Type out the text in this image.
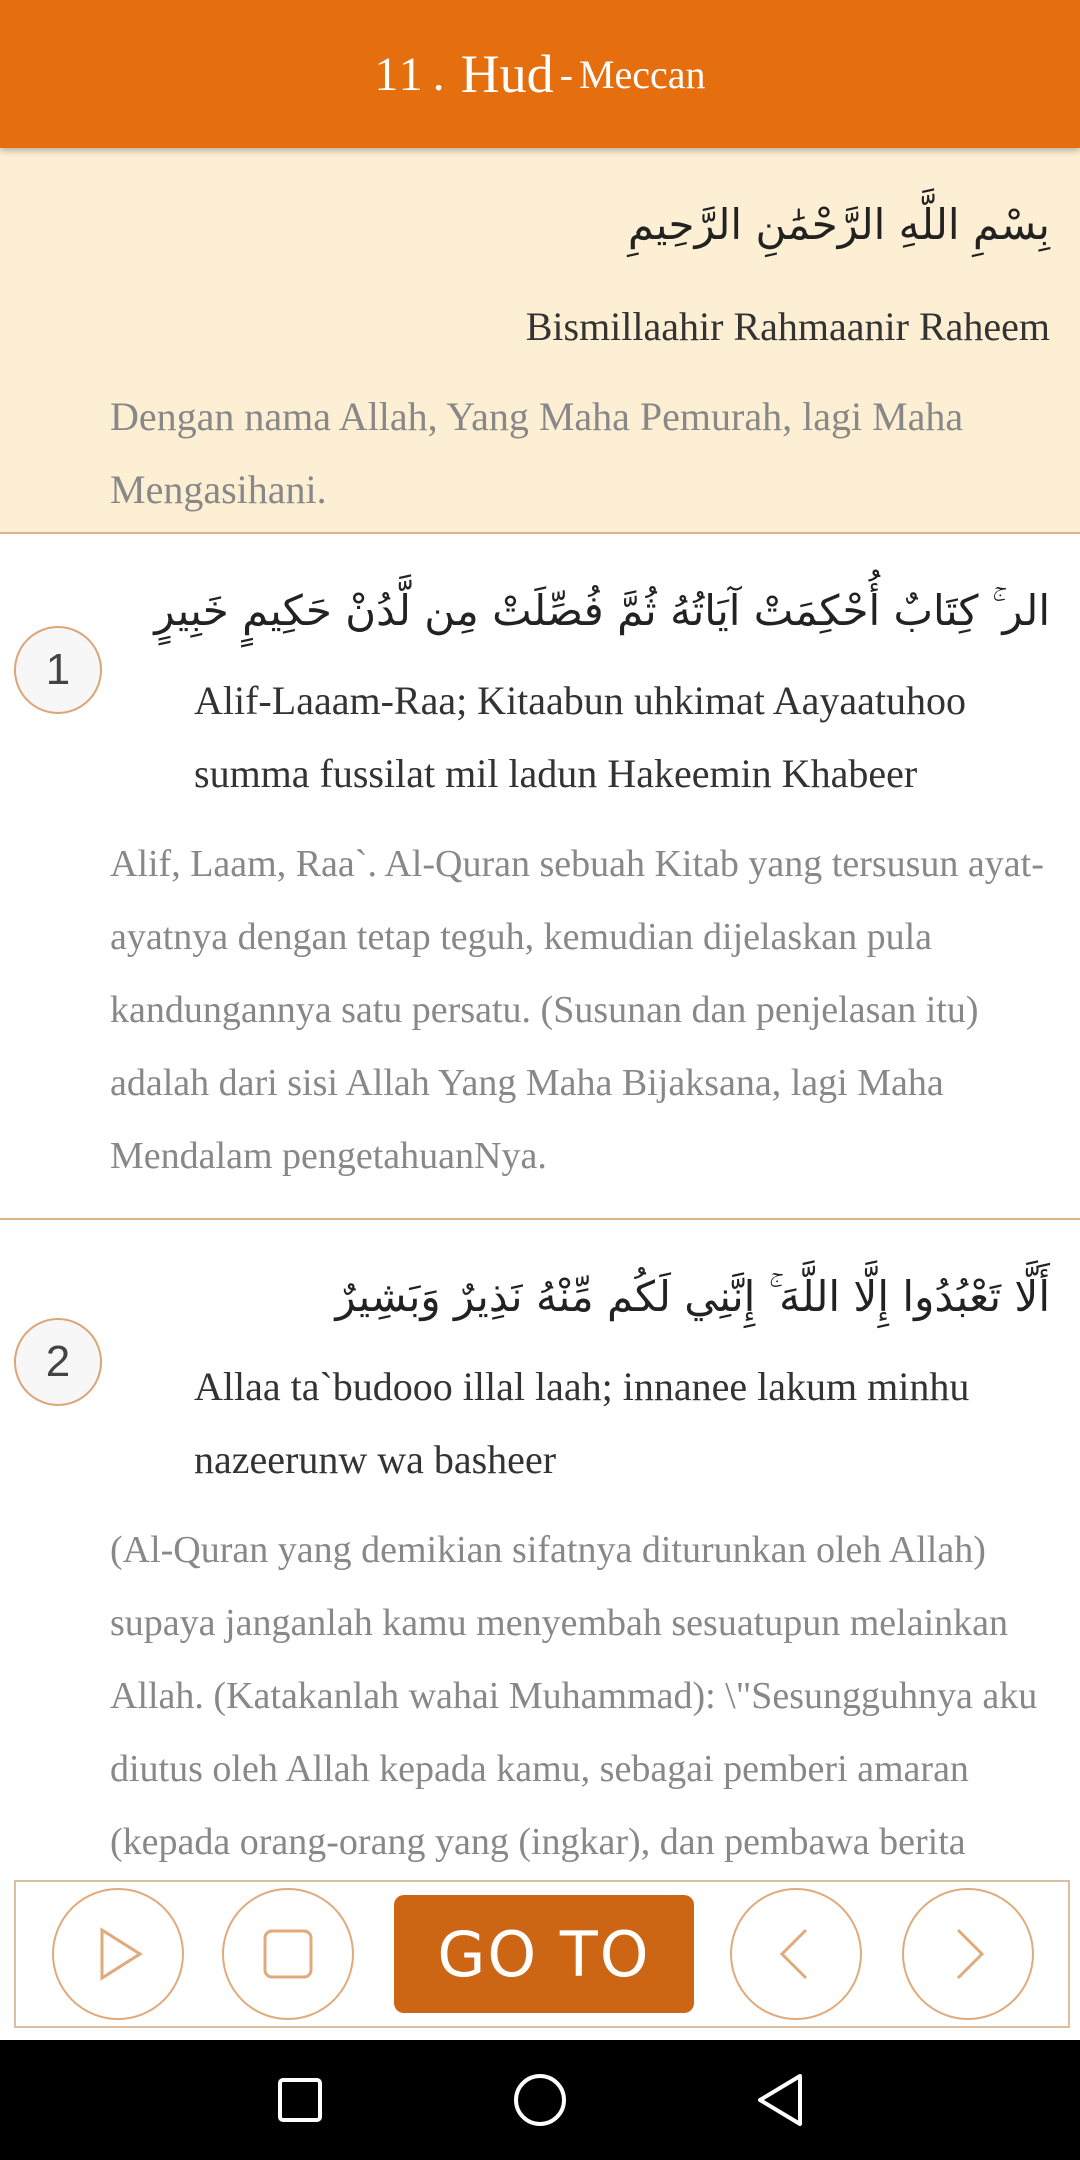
11 . Hud - Meccan
بِسْمِ اللَّهِ الرَّحْمَٰنِ الرَّحِيمِ
Bismillaahir Rahmaanir Raheem
Dengan nama Allah, Yang Maha Pemurah, lagi Maha Mengasihani.
1
الر ۚ كِتَابٌ أُحْكِمَتْ آيَاتُهُ ثُمَّ فُصِّلَتْ مِن لَّدُنْ حَكِيمٍ خَبِيرٍ
Alif-Laaam-Raa; Kitaabun uhkimat Aayaatuhoo summa fussilat mil ladun Hakeemin Khabeer
Alif, Laam, Raa`. Al-Quran sebuah Kitab yang tersusun ayat-ayatnya dengan tetap teguh, kemudian dijelaskan pula kandungannya satu persatu. (Susunan dan penjelasan itu) adalah dari sisi Allah Yang Maha Bijaksana, lagi Maha Mendalam pengetahuanNya.
2
أَلَّا تَعْبُدُوا إِلَّا اللَّهَ ۚ إِنَّنِي لَكُم مِّنْهُ نَذِيرٌ وَبَشِيرٌ
Allaa ta`budooo illal laah; innanee lakum minhu nazeerunw wa basheer
(Al-Quran yang demikian sifatnya diturunkan oleh Allah) supaya janganlah kamu menyembah sesuatupun melainkan Allah. (Katakanlah wahai Muhammad): \"Sesungguhnya aku diutus oleh Allah kepada kamu, sebagai pemberi amaran (kepada orang-orang yang (ingkar), dan pembawa berita
GO TO
